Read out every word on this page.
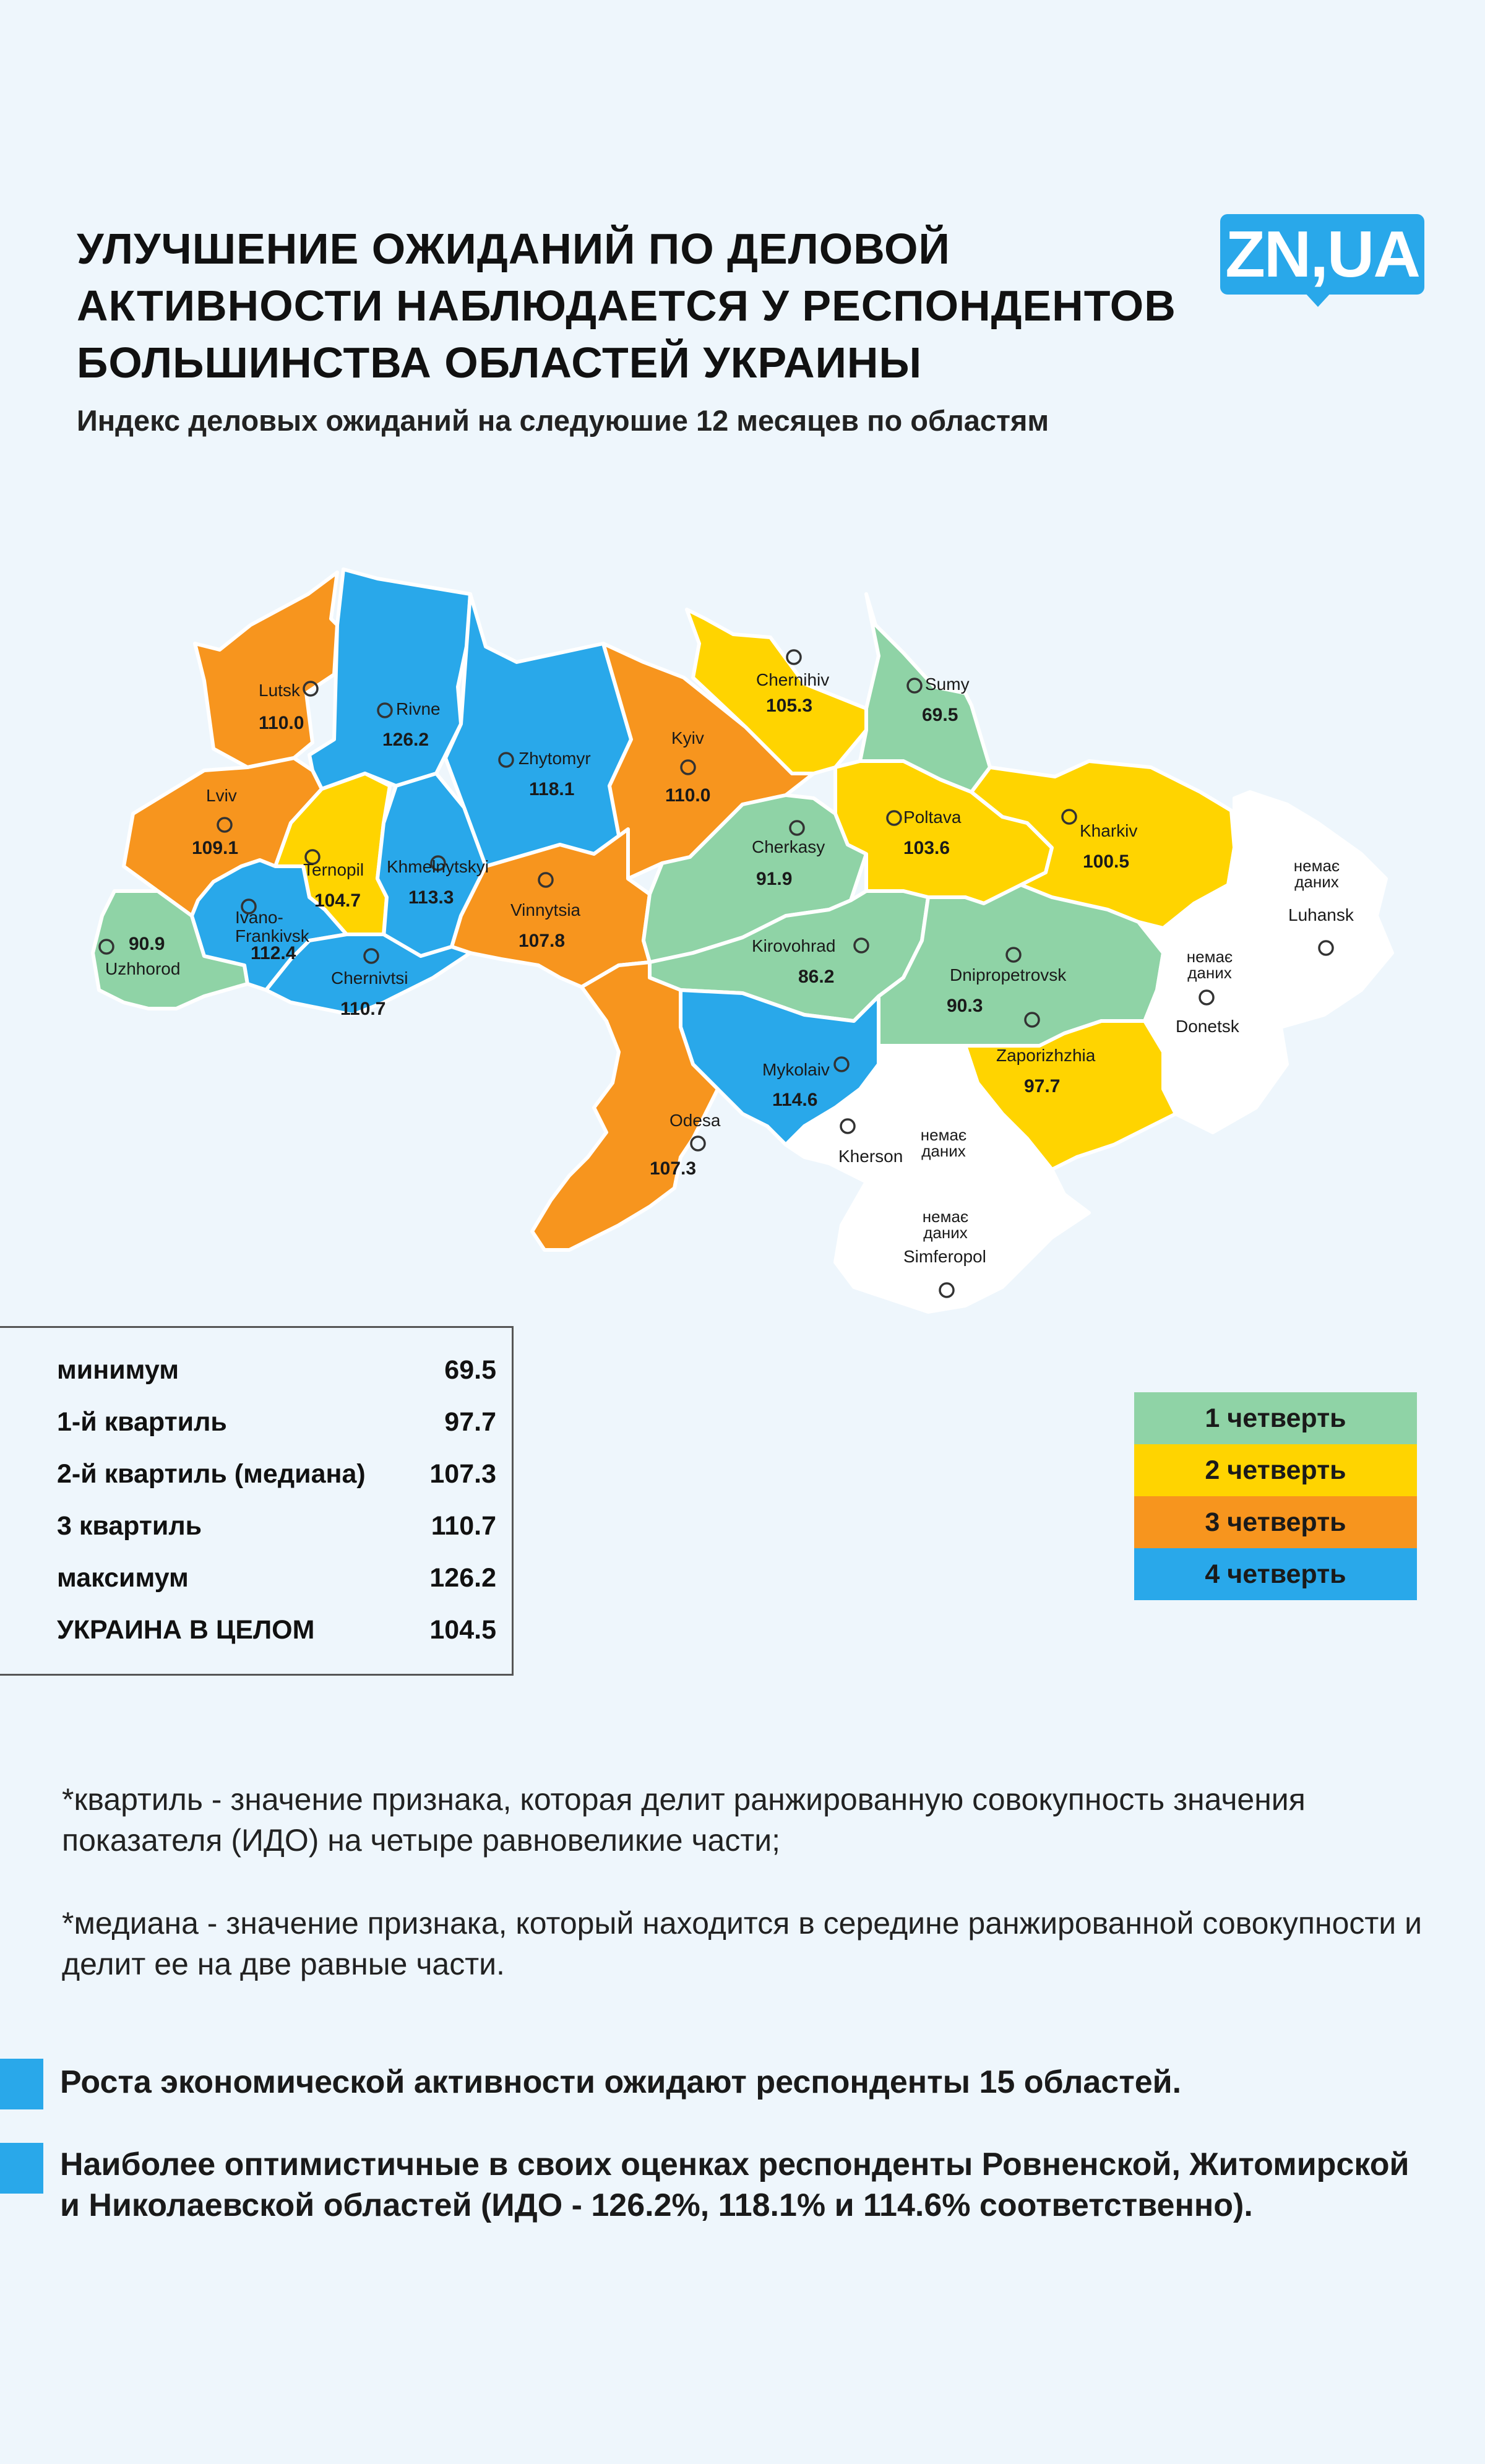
УЛУЧШЕНИЕ ОЖИДАНИЙ ПО ДЕЛОВОЙ АКТИВНОСТИ НАБЛЮДАЕТСЯ У РЕСПОНДЕНТОВ БОЛЬШИНСТВА ОБЛАСТЕЙ УКРАИНЫ

Индекс деловых ожиданий на следуюшие 12 месяцев по областям

ZN,UA
Lutsk
110.0
Rivne
126.2
Zhytomyr
118.1
Kyiv
110.0
Chernihiv
105.3
Sumy
69.5
Lviv
109.1
Ternopil
104.7
Khmelnytskyi
113.3
Vinnytsia
107.8
Cherkasy
91.9
Poltava
103.6
Kharkiv
100.5
Luhansk
немає
даних
Uzhhorod
90.9
Ivano-
Frankivsk
112.4
Chernivtsi
110.7
Kirovohrad
86.2	Dnipropetrovsk
90.3
Donetsk
немає
даних
Zaporizhzhia
97.7
Mykolaiv
114.6
Odesa
107.3
Kherson
немає
даних
Simferopol
немає
даних
минимум	69.5
1-й квартиль	97.7
2-й квартиль (медиана) 107.3
3 квартиль	110.7
максимум	126.2
УКРАИНА В ЦЕЛОМ	104.5
1 четверть
2 четверть
3 четверть
4 четверть

*квартиль - значение признака, которая делит ранжированную совокупность значения показателя (ИДО) на четыре равновеликие части;

*медиана - значение признака, который находится в середине ранжированной совокупности и делит ее на две равные части.

Роста экономической активности ожидают респонденты 15 областей.

Наиболее оптимистичные в своих оценках респонденты Ровненской, Житомирской и Николаевской областей (ИДО - 126.2%, 118.1% и 114.6% соответственно).
